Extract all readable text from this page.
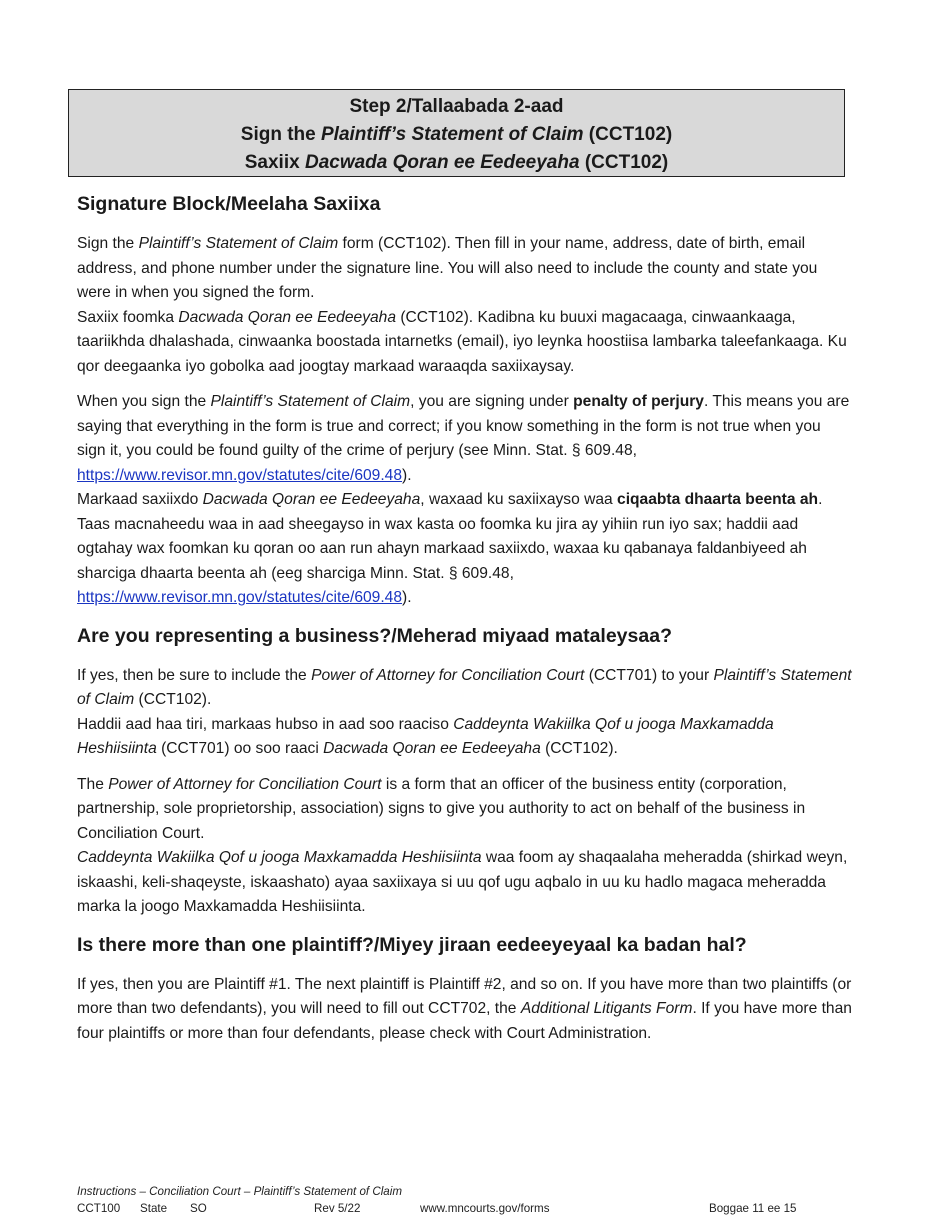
Step 2/Tallaabada 2-aad
Sign the Plaintiff’s Statement of Claim (CCT102)
Saxiix Dacwada Qoran ee Eedeeyaha (CCT102)
Signature Block/Meelaha Saxiixa

Sign the Plaintiff’s Statement of Claim form (CCT102). Then fill in your name, address, date of birth, email address, and phone number under the signature line. You will also need to include the county and state you were in when you signed the form.
Saxiix foomka Dacwada Qoran ee Eedeeyaha (CCT102). Kadibna ku buuxi magacaaga, cinwaankaaga, taariikhda dhalashada, cinwaanka boostada intarnetks (email), iyo leynka hoostiisa lambarka taleefankaaga. Ku qor deegaanka iyo gobolka aad joogtay markaad waraaqda saxiixaysay.

When you sign the Plaintiff’s Statement of Claim, you are signing under penalty of perjury. This means you are saying that everything in the form is true and correct; if you know something in the form is not true when you sign it, you could be found guilty of the crime of perjury (see Minn. Stat. § 609.48, https://www.revisor.mn.gov/statutes/cite/609.48).
Markaad saxiixdo Dacwada Qoran ee Eedeeyaha, waxaad ku saxiixayso waa ciqaabta dhaarta beenta ah. Taas macnaheedu waa in aad sheegayso in wax kasta oo foomka ku jira ay yihiin run iyo sax; haddii aad ogtahay wax foomkan ku qoran oo aan run ahayn markaad saxiixdo, waxaa ku qabanaya faldanbiyeed ah sharciga dhaarta beenta ah (eeg sharciga Minn. Stat. § 609.48, https://www.revisor.mn.gov/statutes/cite/609.48).

Are you representing a business?/Meherad miyaad mataleysaa?

If yes, then be sure to include the Power of Attorney for Conciliation Court (CCT701) to your Plaintiff’s Statement of Claim (CCT102).
Haddii aad haa tiri, markaas hubso in aad soo raaciso Caddeynta Wakiilka Qof u jooga Maxkamadda Heshiisiinta (CCT701) oo soo raaci Dacwada Qoran ee Eedeeyaha (CCT102).

The Power of Attorney for Conciliation Court is a form that an officer of the business entity (corporation, partnership, sole proprietorship, association) signs to give you authority to act on behalf of the business in Conciliation Court.
Caddeynta Wakiilka Qof u jooga Maxkamadda Heshiisiinta waa foom ay shaqaalaha meheradda (shirkad weyn, iskaashi, keli-shaqeyste, iskaashato) ayaa saxiixaya si uu qof ugu aqbalo in uu ku hadlo magaca meheradda marka la joogo Maxkamadda Heshiisiinta.

Is there more than one plaintiff?/Miyey jiraan eedeeyeyaal ka badan hal?

If yes, then you are Plaintiff #1. The next plaintiff is Plaintiff #2, and so on. If you have more than two plaintiffs (or more than two defendants), you will need to fill out CCT702, the Additional Litigants Form. If you have more than four plaintiffs or more than four defendants, please check with Court Administration.

Instructions – Conciliation Court – Plaintiff’s Statement of Claim
CCT100 State SO	Rev 5/22	www.mncourts.gov/forms	Boggae 11 ee 15
